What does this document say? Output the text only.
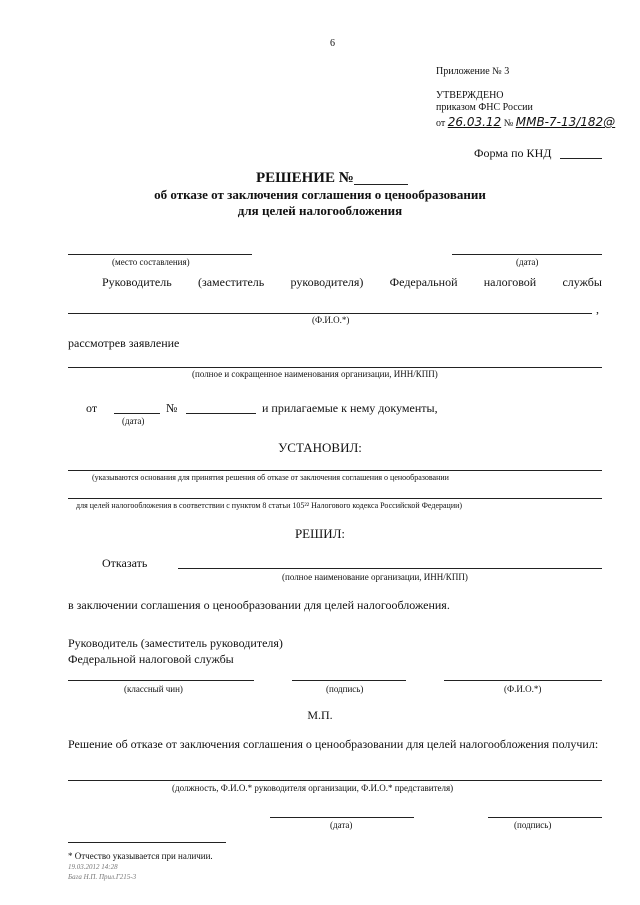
6
Приложение № 3
УТВЕРЖДЕНО
приказом ФНС России
от 26.03.12 № ММВ-7-13/182@
Форма по КНД
РЕШЕНИЕ №
об отказе от заключения соглашения о ценообразовании
для целей налогообложения
(место составления)	(дата)
Руководитель (заместитель руководителя) Федеральной налоговой службы
,
(Ф.И.О.*)
рассмотрев заявление
(полное и сокращенное наименования организации, ИНН/КПП)
от	№	и прилагаемые к нему документы,
(дата)
УСТАНОВИЛ:
(указываются основания для принятия решения об отказе от заключения соглашения о ценообразовании
для целей налогообложения в соответствии с пунктом 8 статьи 105²² Налогового кодекса Российской Федерации)
РЕШИЛ:
Отказать
(полное наименование организации, ИНН/КПП)
в заключении соглашения о ценообразовании для целей налогообложения.
Руководитель (заместитель руководителя)
Федеральной налоговой службы
(классный чин)	(подпись)	(Ф.И.О.*)
М.П.
Решение об отказе от заключения соглашения о ценообразовании для целей налогообложения получил:
(должность, Ф.И.О.* руководителя организации, Ф.И.О.* представителя)
(дата)	(подпись)
* Отчество указывается при наличии.
19.03.2012 14:28
Бага Н.П. Прил.Г215-3
